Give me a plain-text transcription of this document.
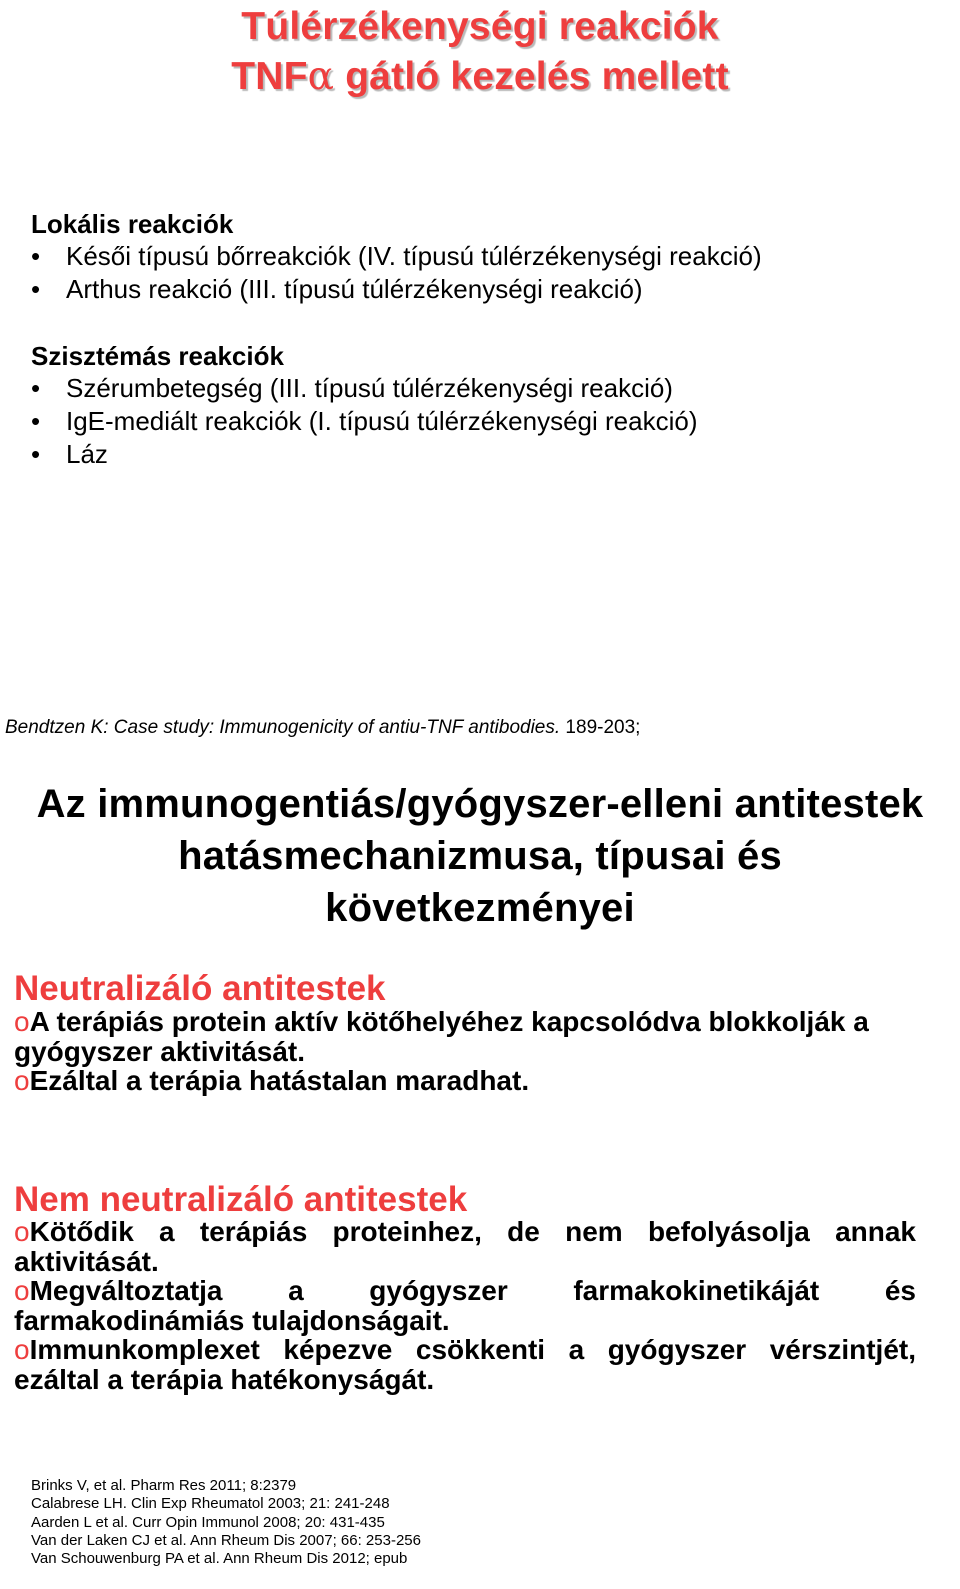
Túlérzékenységi reakciók
TNFα gátló kezelés mellett
Lokális reakciók
• Késői típusú bőrreakciók (IV. típusú túlérzékenységi reakció)
• Arthus reakció (III. típusú túlérzékenységi reakció)
Szisztémás reakciók
• Szérumbetegség (III. típusú túlérzékenységi reakció)
• IgE-mediált reakciók (I. típusú túlérzékenységi reakció)
• Láz
Bendtzen K: Case study: Immunogenicity of antiu-TNF antibodies. 189-203;
Az immunogentiás/gyógyszer-elleni antitestek
hatásmechanizmusa, típusai és
következményei
Neutralizáló antitestek
oA terápiás protein aktív kötőhelyéhez kapcsolódva blokkolják a gyógyszer aktivitását.
oEzáltal a terápia hatástalan maradhat.
Nem neutralizáló antitestek
oKötődik a terápiás proteinhez, de nem befolyásolja annak aktivitását.
oMegváltoztatja a gyógyszer farmakokinetikáját és farmakodinámiás tulajdonságait.
oImmunkomplexet képezve csökkenti a gyógyszer vérszintjét, ezáltal a terápia hatékonyságát.
Brinks V, et al. Pharm Res 2011; 8:2379
Calabrese LH. Clin Exp Rheumatol 2003; 21: 241-248
Aarden L et al. Curr Opin Immunol 2008; 20: 431-435
Van der Laken CJ et al. Ann Rheum Dis 2007; 66: 253-256
Van Schouwenburg PA et al. Ann Rheum Dis 2012; epub
